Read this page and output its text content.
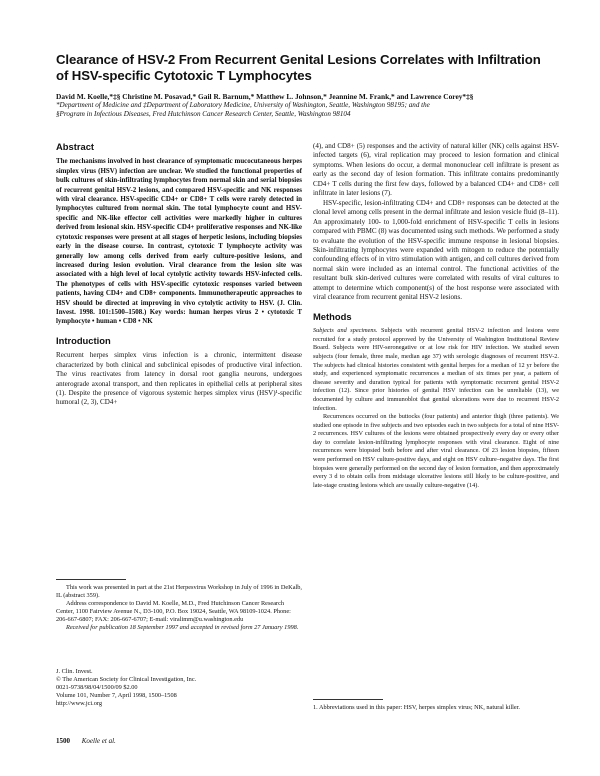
Clearance of HSV-2 From Recurrent Genital Lesions Correlates with Infiltration of HSV-specific Cytotoxic T Lymphocytes
David M. Koelle,*‡§ Christine M. Posavad,* Gail R. Barnum,* Matthew L. Johnson,* Jeannine M. Frank,* and Lawrence Corey*‡§
*Department of Medicine and ‡Department of Laboratory Medicine, University of Washington, Seattle, Washington 98195; and the
§Program in Infectious Diseases, Fred Hutchinson Cancer Research Center, Seattle, Washington 98104
Abstract

The mechanisms involved in host clearance of symptomatic mucocutaneous herpes simplex virus (HSV) infection are unclear. We studied the functional properties of bulk cultures of skin-infiltrating lymphocytes from normal skin and serial biopsies of recurrent genital HSV-2 lesions, and compared HSV-specific and NK responses with viral clearance. HSV-specific CD4+ or CD8+ T cells were rarely detected in lymphocytes cultured from normal skin. The total lymphocyte count and HSV-specific and NK-like effector cell activities were markedly higher in cultures derived from lesional skin. HSV-specific CD4+ proliferative responses and NK-like cytotoxic responses were present at all stages of herpetic lesions, including biopsies early in the disease course. In contrast, cytotoxic T lymphocyte activity was generally low among cells derived from early culture-positive lesions, and increased during lesion evolution. Viral clearance from the lesion site was associated with a high level of local cytolytic activity towards HSV-infected cells. The phenotypes of cells with HSV-specific cytotoxic responses varied between patients, having CD4+ and CD8+ components. Immunotherapeutic approaches to HSV should be directed at improving in vivo cytolytic activity to HSV. (J. Clin. Invest. 1998. 101:1500–1508.) Key words: human herpes virus 2 • cytotoxic T lymphocyte • human • CD8 • NK

Introduction

Recurrent herpes simplex virus infection is a chronic, intermittent disease characterized by both clinical and subclinical episodes of productive viral infection. The virus reactivates from latency in dorsal root ganglia neurons, undergoes anterograde axonal transport, and then replicates in epithelial cells at peripheral sites (1). Despite the presence of vigorous systemic herpes simplex virus (HSV)¹-specific humoral (2, 3), CD4+

This work was presented in part at the 21st Herpesvirus Workshop in July of 1996 in DeKalb, IL (abstract 359).

Address correspondence to David M. Koelle, M.D., Fred Hutchinson Cancer Research Center, 1100 Fairview Avenue N., D3-100, P.O. Box 19024, Seattle, WA 98109-1024. Phone: 206-667-6807; FAX: 206-667-6707; E-mail: viralimm@u.washington.edu

Received for publication 18 September 1997 and accepted in revised form 27 January 1998.

J. Clin. Invest.
© The American Society for Clinical Investigation, Inc.
0021-9738/98/04/1500/09 $2.00
Volume 101, Number 7, April 1998, 1500–1508
http://www.jci.org

(4), and CD8+ (5) responses and the activity of natural killer (NK) cells against HSV-infected targets (6), viral replication may proceed to lesion formation and clinical symptoms. When lesions do occur, a dermal mononuclear cell infiltrate is present as early as the second day of lesion formation. This infiltrate contains predominantly CD4+ T cells during the first few days, followed by a balanced CD4+ and CD8+ cell infiltrate in later lesions (7).

HSV-specific, lesion-infiltrating CD4+ and CD8+ responses can be detected at the clonal level among cells present in the dermal infiltrate and lesion vesicle fluid (8–11). An approximately 100- to 1,000-fold enrichment of HSV-specific T cells in lesions compared with PBMC (8) was documented using such methods. We performed a study to evaluate the evolution of the HSV-specific immune response in lesional biopsies. Skin-infiltrating lymphocytes were expanded with mitogen to reduce the potentially confounding effects of in vitro stimulation with antigen, and cell cultures derived from normal skin were included as an internal control. The functional activities of the resultant bulk skin-derived cultures were correlated with results of viral cultures to attempt to determine which component(s) of the host response were associated with viral clearance from recurrent genital HSV-2 lesions.

Methods

Subjects and specimens. Subjects with recurrent genital HSV-2 infection and lesions were recruited for a study protocol approved by the University of Washington Institutional Review Board. Subjects were HIV-seronegative or at low risk for HIV infection. We studied seven subjects (four female, three male, median age 37) with serologic diagnoses of recurrent HSV-2. The subjects had clinical histories consistent with genital herpes for a median of 12 yr before the study, and experienced symptomatic recurrences a median of six times per year, a pattern of disease severity and duration typical for patients with symptomatic recurrent genital HSV-2 infection (12). Since prior histories of genital HSV infection can be unreliable (13), we documented by culture and immunoblot that genital ulcerations were due to recurrent HSV-2 infection.

Recurrences occurred on the buttocks (four patients) and anterior thigh (three patients). We studied one episode in five subjects and two episodes each in two subjects for a total of nine HSV-2 recurrences. HSV cultures of the lesions were obtained prospectively every day or every other day to correlate lesion-infiltrating lymphocyte responses with viral clearance. Eight of nine recurrences were biopsied both before and after viral clearance. Of 23 lesion biopsies, fifteen were performed on HSV culture-positive days, and eight on HSV culture–negative days. The first biopsies were generally performed on the second day of lesion formation, and then approximately every 3 d to obtain cells from midstage ulcerative lesions still likely to be culture-positive, and late-stage crusting lesions which are usually culture-negative (14).

1. Abbreviations used in this paper: HSV, herpes simplex virus; NK, natural killer.
1500 Koelle et al.
